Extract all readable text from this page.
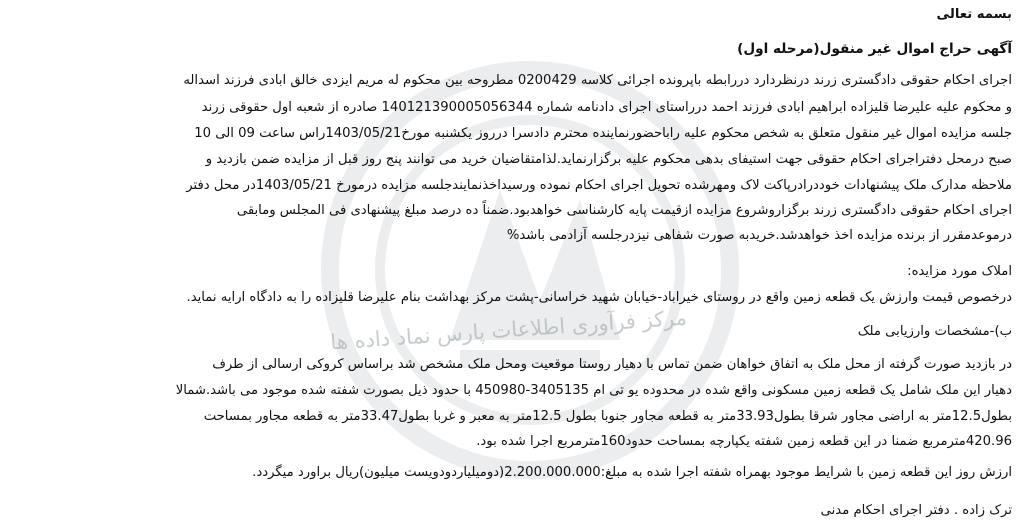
مرکز فرآوری اطلاعات پارس نماد داده ها
بسمه تعالی
آگهی حراج اموال غیر منقول(مرحله اول)
اجرای احکام حقوقی دادگستری زرند درنظردارد دررابطه باپرونده اجرائی کلاسه 0200429 مطروحه بین محکوم له مریم ایزدی خالق ابادی فرزند اسداله
و محکوم علیه علیرضا قلیزاده ابراهیم ابادی فرزند احمد درراستای اجرای دادنامه شماره 140121390005056344 صادره از شعبه اول حقوقی زرند
جلسه مزایده اموال غیر منقول متعلق به شخص محکوم علیه راباحضورنماینده محترم دادسرا درروز یکشنبه مورخ1403/05/21راس ساعت 09 الی 10
صبح درمحل دفتراجرای احکام حقوقی جهت استیفای بدهی محکوم علیه برگزارنماید.لذامتقاضیان خرید می توانند پنج روز قبل از مزایده ضمن بازدید و
ملاحظه مدارک ملک پیشنهادات خوددرادرپاکت لاک ومهرشده تحویل اجرای احکام نموده ورسیداخذنمایندجلسه مزایده درمورخ 1403/05/21در محل دفتر
اجرای احکام حقوقی دادگستری زرند برگزاروشروع مزایده ازقیمت پایه کارشناسی خواهدبود.ضمناً ده درصد مبلغ پیشنهادی فی المجلس ومابقی
درموعدمقرر از برنده مزایده اخذ خواهدشد.خریدبه صورت شفاهی نیزدرجلسه آزادمی باشد%
املاک مورد مزایده:
درخصوص قیمت وارزش یک قطعه زمین واقع در روستای خیراباد-خیابان شهید خراسانی-پشت مرکز بهداشت بنام علیرضا قلیزاده را به دادگاه ارایه نماید.
ب)-مشخصات وارزیابی ملک
در بازدید صورت گرفته از محل ملک به اتفاق خواهان ضمن تماس با دهیار روستا موقعیت ومحل ملک مشخص شد براساس کروکی ارسالی از طرف
دهیار این ملک شامل یک قطعه زمین مسکونی واقع شده در محدوده یو تی ام 3405135-450980 با حدود ذیل بصورت شفته شده موجود می باشد.شمالا
بطول12.5متر به اراضی مجاور شرقا بطول33.93متر به قطعه مجاور جنوبا بطول 12.5متر به معبر و غربا بطول33.47متر به قطعه مجاور بمساحت
420.96مترمربع ضمنا در این قطعه زمین شفته یکپارچه بمساحت حدود160مترمربع اجرا شده بود.
ارزش روز این قطعه زمین با شرایط موجود بهمراه شفته اجرا شده به مبلغ:2.200.000.000(دومیلیاردودویست میلیون)ریال براورد میگردد.
ترک زاده . دفتر اجرای احکام مدنی
